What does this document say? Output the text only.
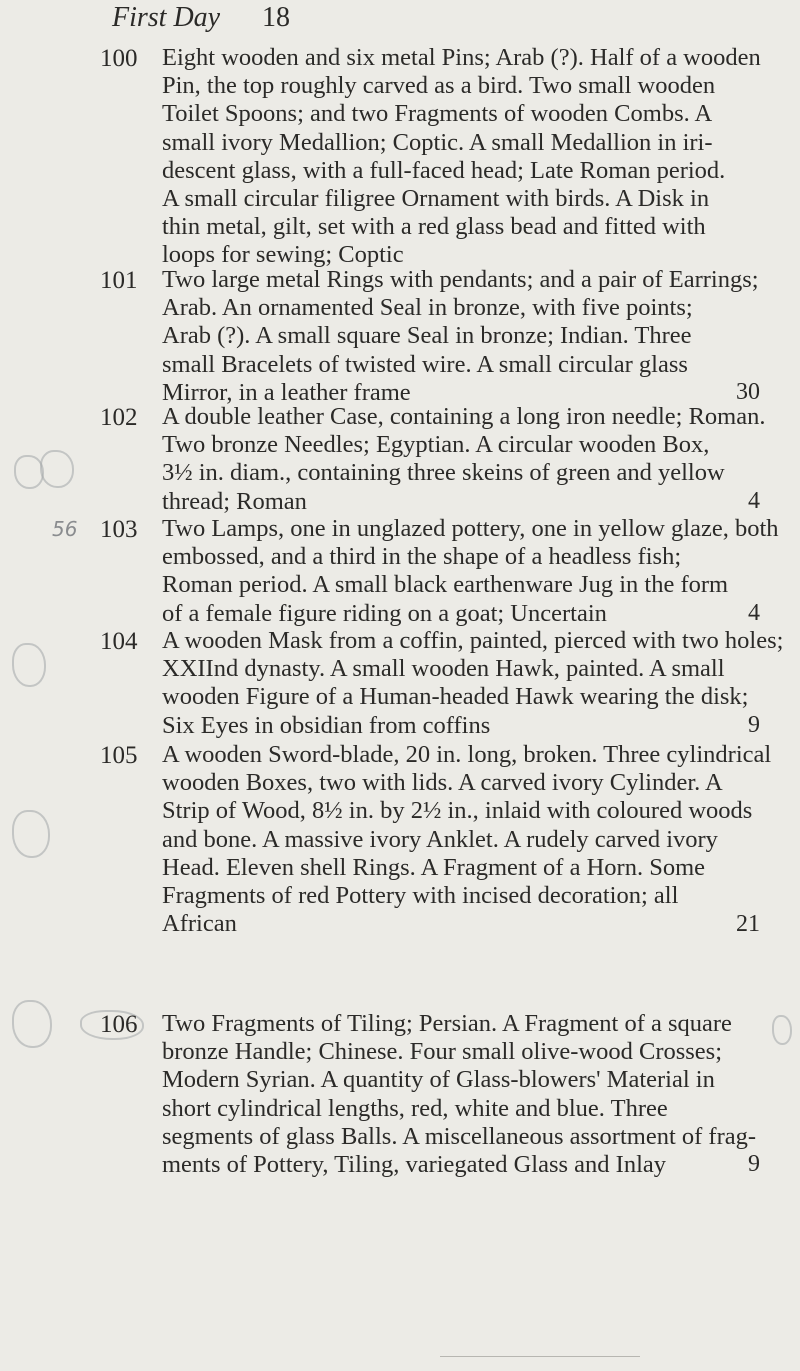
First Day 18
100	Eight wooden and six metal Pins; Arab (?). Half of a wooden
Pin, the top roughly carved as a bird. Two small wooden
Toilet Spoons; and two Fragments of wooden Combs. A
small ivory Medallion; Coptic. A small Medallion in iri-
descent glass, with a full-faced head; Late Roman period.
A small circular filigree Ornament with birds. A Disk in
thin metal, gilt, set with a red glass bead and fitted with
loops for sewing; Coptic
101	Two large metal Rings with pendants; and a pair of Earrings;
Arab. An ornamented Seal in bronze, with five points;
Arab (?). A small square Seal in bronze; Indian. Three
small Bracelets of twisted wire. A small circular glass
Mirror, in a leather frame	30
102	A double leather Case, containing a long iron needle; Roman.
Two bronze Needles; Egyptian. A circular wooden Box,
3½ in. diam., containing three skeins of green and yellow
thread; Roman	4
56 103	Two Lamps, one in unglazed pottery, one in yellow glaze, both
embossed, and a third in the shape of a headless fish;
Roman period. A small black earthenware Jug in the form
of a female figure riding on a goat; Uncertain	4
104	A wooden Mask from a coffin, painted, pierced with two holes;
XXIInd dynasty. A small wooden Hawk, painted. A small
wooden Figure of a Human-headed Hawk wearing the disk;
Six Eyes in obsidian from coffins	9
105	A wooden Sword-blade, 20 in. long, broken. Three cylindrical
wooden Boxes, two with lids. A carved ivory Cylinder. A
Strip of Wood, 8½ in. by 2½ in., inlaid with coloured woods
and bone. A massive ivory Anklet. A rudely carved ivory
Head. Eleven shell Rings. A Fragment of a Horn. Some
Fragments of red Pottery with incised decoration; all
African	21
106	Two Fragments of Tiling; Persian. A Fragment of a square
bronze Handle; Chinese. Four small olive-wood Crosses;
Modern Syrian. A quantity of Glass-blowers' Material in
short cylindrical lengths, red, white and blue. Three
segments of glass Balls. A miscellaneous assortment of frag-
ments of Pottery, Tiling, variegated Glass and Inlay	9
